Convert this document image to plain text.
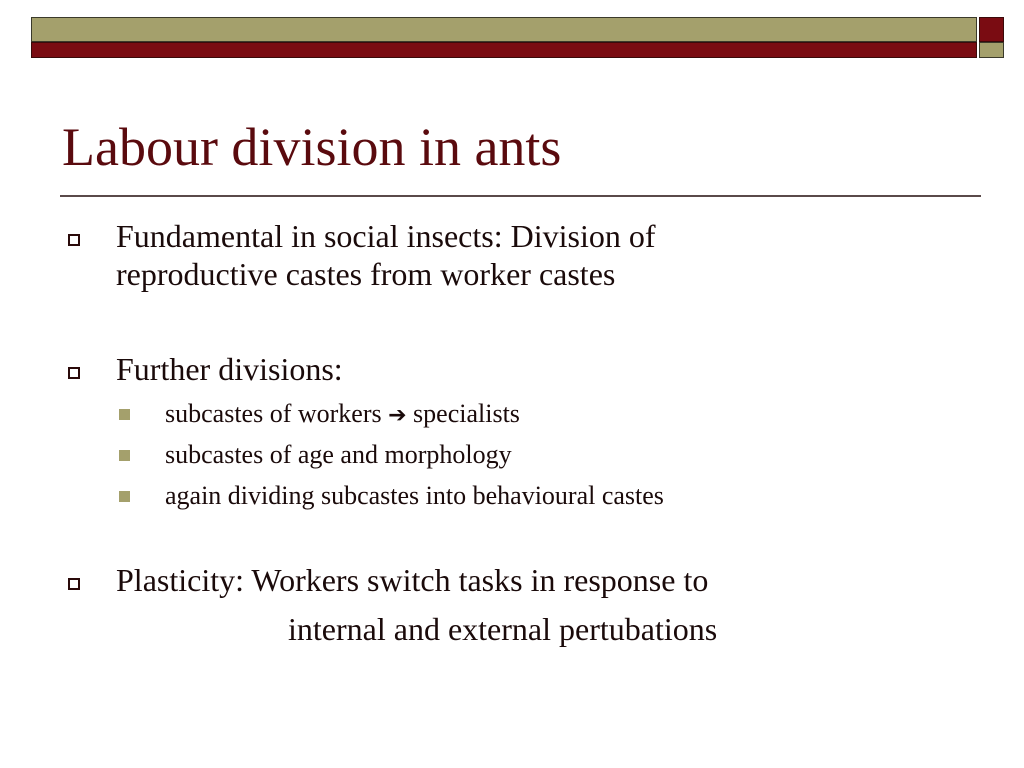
Labour division in ants
Fundamental in social insects: Division of
reproductive castes from worker castes
Further divisions:
subcastes of workers ➔ specialists
subcastes of age and morphology
again dividing subcastes into behavioural castes
Plasticity: Workers switch tasks in response to
internal and external pertubations
